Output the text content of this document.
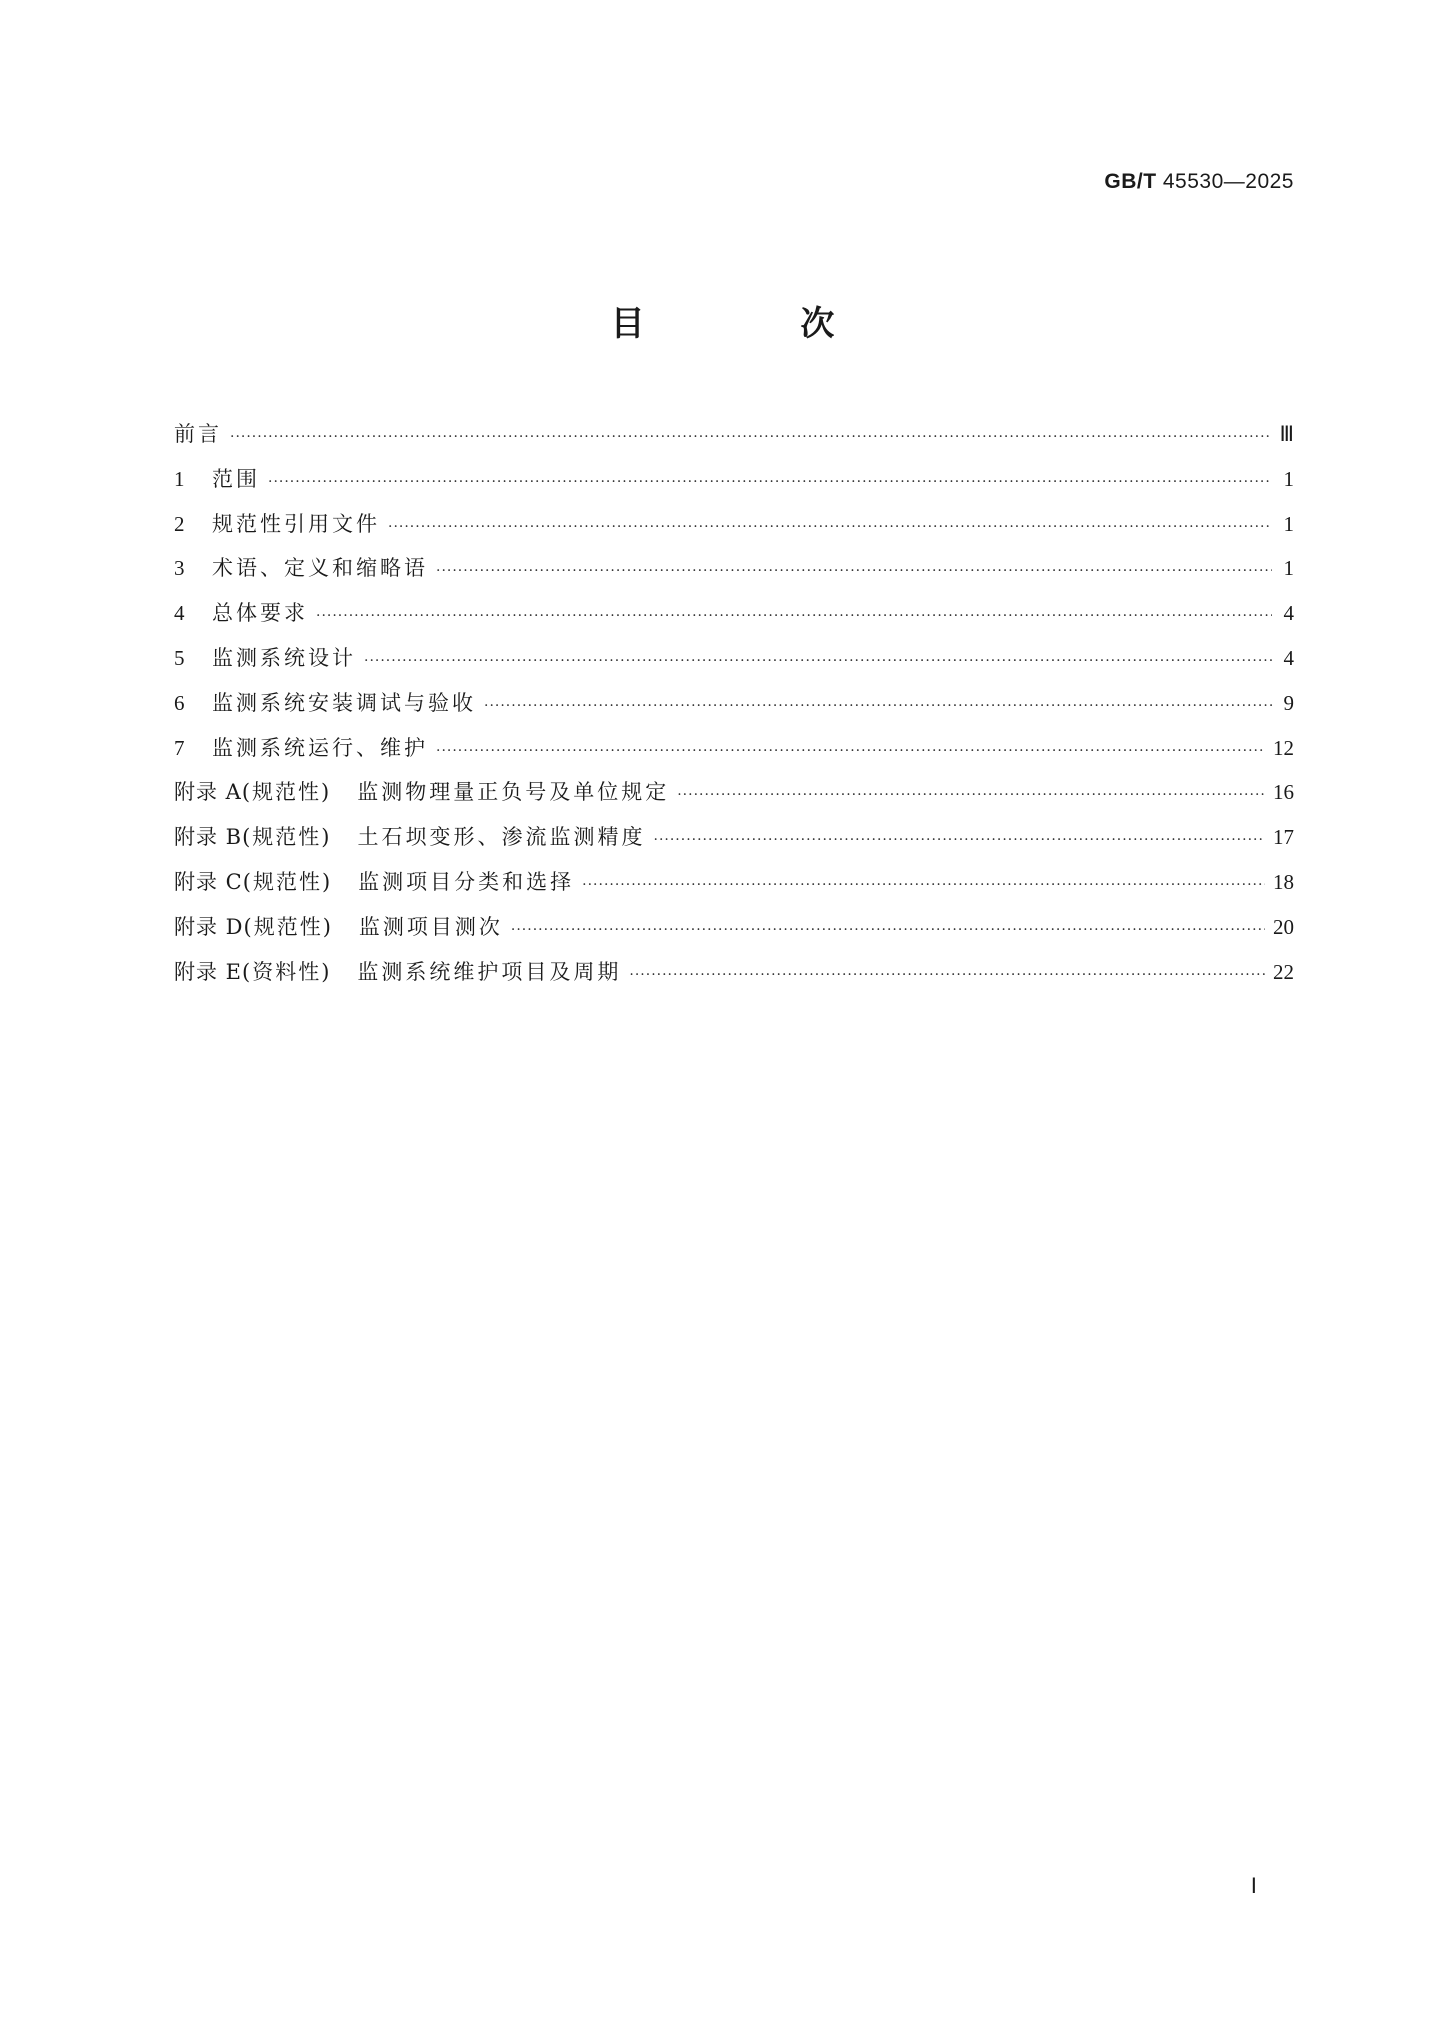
GB/T 45530—2025
目 次
前言 ·····	Ⅲ
1	范围 ·····	1
2	规范性引用文件 ·····	1
3	术语、定义和缩略语 ·····	1
4	总体要求 ·····	4
5	监测系统设计 ·····	4
6	监测系统安装调试与验收 ·····	9
7	监测系统运行、维护 ·····	12
附录 A (规范性) 监测物理量正负号及单位规定 ·····	16
附录 B (规范性) 土石坝变形、渗流监测精度 ·····	17
附录 C (规范性) 监测项目分类和选择 ·····	18
附录 D (规范性) 监测项目测次 ·····	20
附录 E (资料性) 监测系统维护项目及周期 ·····	22
Ⅰ
